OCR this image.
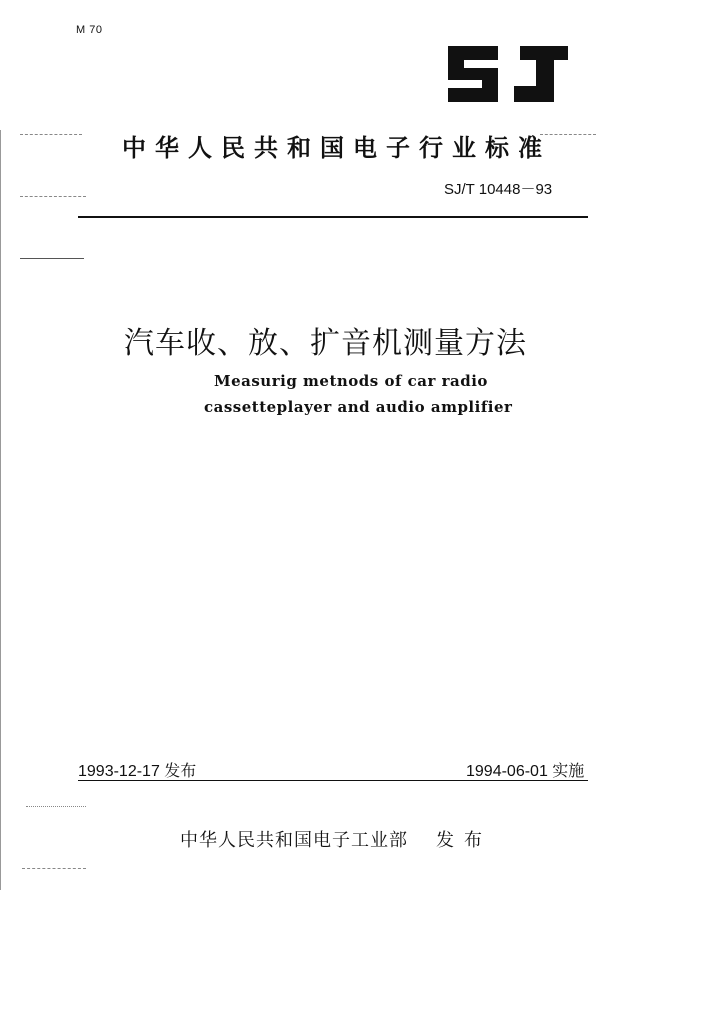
M 70
中华人民共和国电子行业标准
SJ/T 10448－93
汽车收、放、扩音机测量方法
Measurig metnods of car radio
cassetteplayer and audio amplifier
1993-12-17 发布	1994-06-01 实施
中华人民共和国电子工业部 发布
